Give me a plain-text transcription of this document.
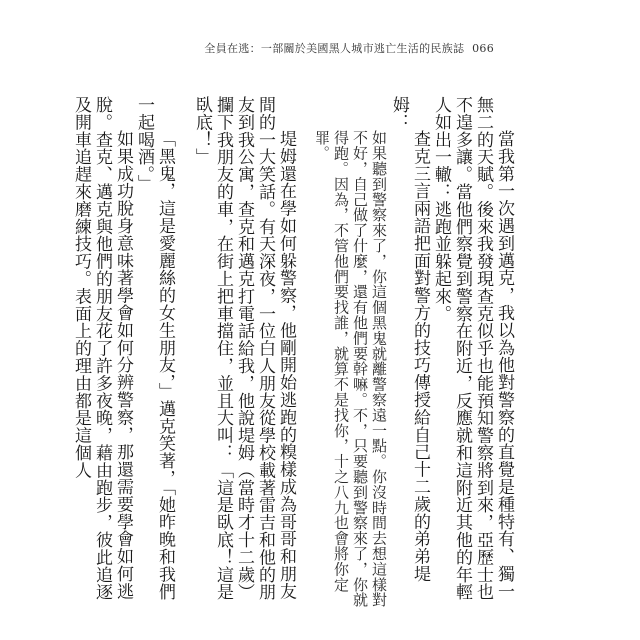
全員在逃：一部關於美國黑人城市逃亡生活的民族誌 066

當我第一次遇到邁克，我以為他對警察的直覺是種特有、獨一無二的天賦。後來我發現查克似乎也能預知警察將到來，亞歷士也不遑多讓。當他們察覺到警察在附近，反應就和這附近其他的年輕人如出一轍：逃跑並躲起來。

查克三言兩語把面對警方的技巧傳授給自己十二歲的弟弟堤姆：

如果聽到警察來了，你這個黑鬼就離警察遠一點。你沒時間去想這樣對不好，自己做了什麼，還有他們要幹嘛。不，只要聽到警察來了，你就得跑。因為，不管他們要找誰，就算不是找你，十之八九也會將你定罪。

堤姆還在學如何躲警察，他剛開始逃跑的糗樣成為哥哥和朋友間的一大笑話。有天深夜，一位白人朋友從學校載著雷吉和他的朋友到我公寓，查克和邁克打電話給我，他說堤姆（當時才十二歲）攔下我朋友的車，在街上把車擋住，並且大叫：「這是臥底！這是臥底！」

「黑鬼，這是愛麗絲的女生朋友，」邁克笑著，「她昨晚和我們一起喝酒。」

如果成功脫身意味著學會如何分辨警察，那還需要學會如何逃脫。查克、邁克與他們的朋友花了許多夜晚，藉由跑步，彼此追逐及開車追趕來磨練技巧。表面上的理由都是這個人
